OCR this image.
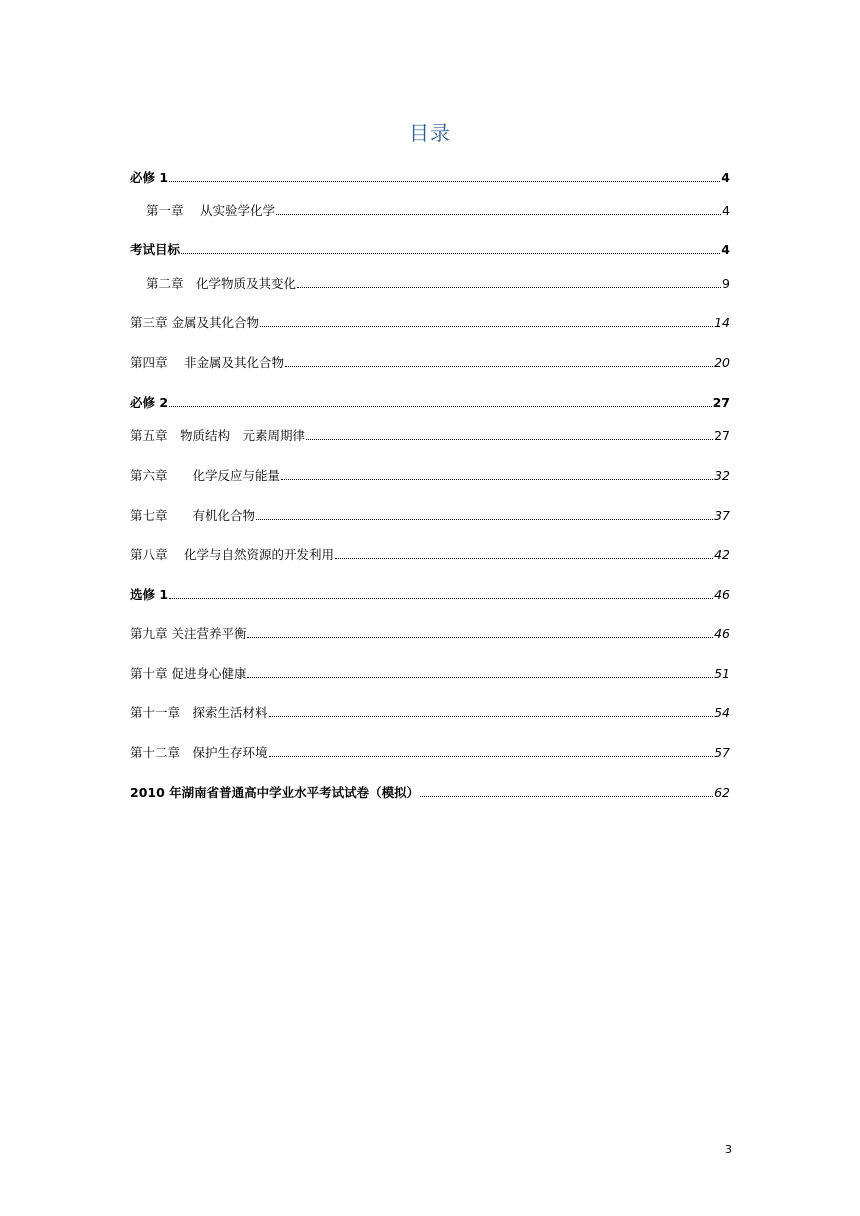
目录
必修 1	4
第一章　 从实验学化学	4
考试目标	4
第二章　化学物质及其变化	9
第三章 金属及其化合物	14
第四章　 非金属及其化合物	20
必修 2	27
第五章　物质结构　元素周期律	27
第六章　　化学反应与能量	32
第七章　　有机化合物	37
第八章　 化学与自然资源的开发利用	42
选修 1	46
第九章 关注营养平衡	46
第十章 促进身心健康	51
第十一章　探索生活材料	54
第十二章　保护生存环境	57
2010 年湖南省普通高中学业水平考试试卷（模拟）	62
3
